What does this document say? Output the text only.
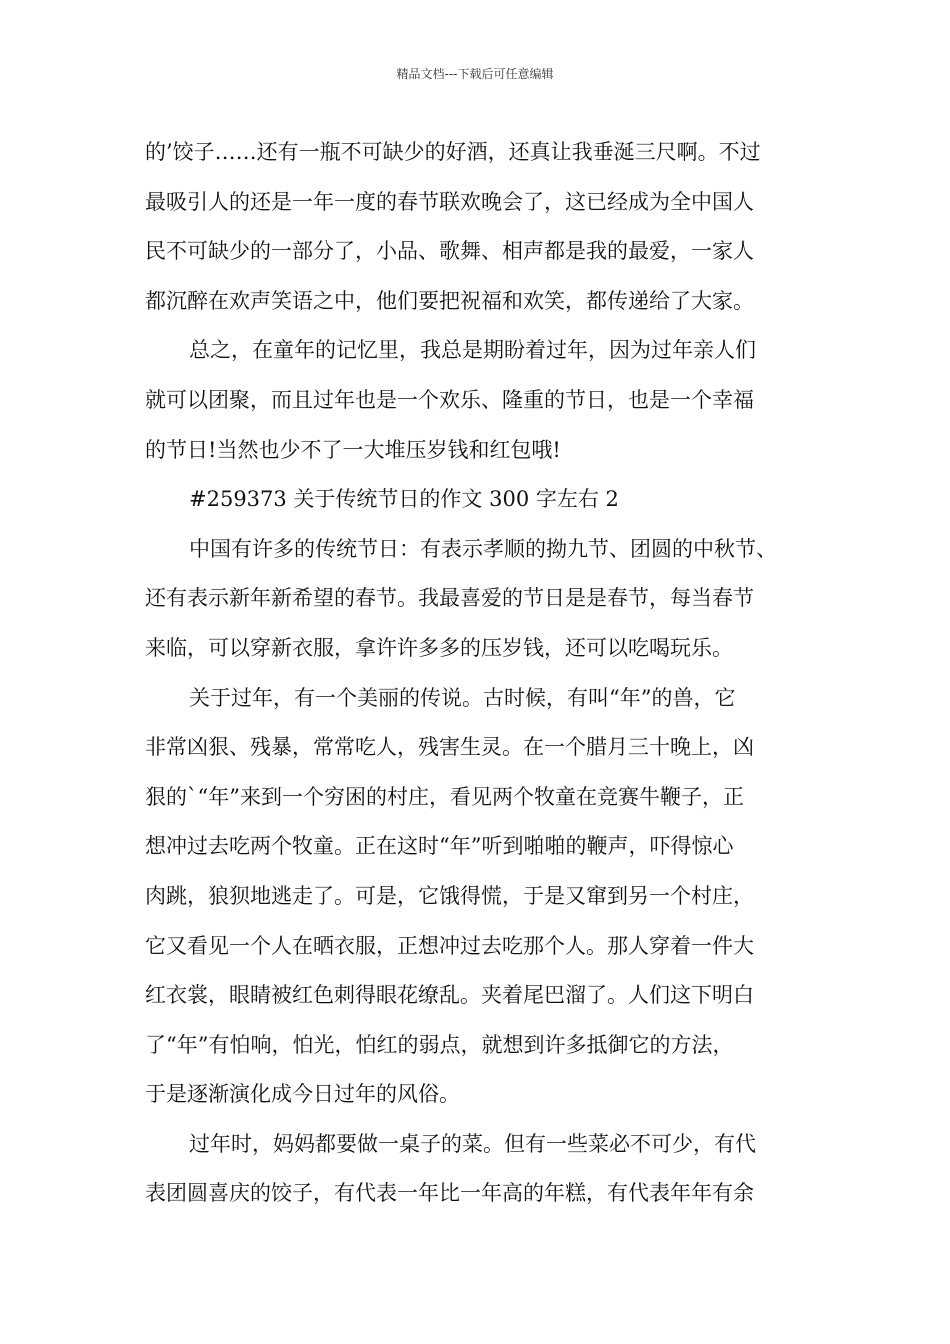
精品文档---下载后可任意编辑
的’饺子……还有一瓶不可缺少的好酒，还真让我垂涎三尺啊。不过
最吸引人的还是一年一度的春节联欢晚会了，这已经成为全中国人
民不可缺少的一部分了，小品、歌舞、相声都是我的最爱，一家人
都沉醉在欢声笑语之中，他们要把祝福和欢笑，都传递给了大家。
总之，在童年的记忆里，我总是期盼着过年，因为过年亲人们
就可以团聚，而且过年也是一个欢乐、隆重的节日，也是一个幸福
的节日!当然也少不了一大堆压岁钱和红包哦!
#259373 关于传统节日的作文 300 字左右 2
中国有许多的传统节日：有表示孝顺的拗九节、团圆的中秋节、
还有表示新年新希望的春节。我最喜爱的节日是是春节，每当春节
来临，可以穿新衣服，拿许许多多的压岁钱，还可以吃喝玩乐。
关于过年，有一个美丽的传说。古时候，有叫“年”的兽，它
非常凶狠、残暴，常常吃人，残害生灵。在一个腊月三十晚上，凶
狠的`“年”来到一个穷困的村庄，看见两个牧童在竞赛牛鞭子，正
想冲过去吃两个牧童。正在这时“年”听到啪啪的鞭声，吓得惊心
肉跳，狼狈地逃走了。可是，它饿得慌，于是又窜到另一个村庄，
它又看见一个人在晒衣服，正想冲过去吃那个人。那人穿着一件大
红衣裳，眼睛被红色刺得眼花缭乱。夹着尾巴溜了。人们这下明白
了“年”有怕响，怕光，怕红的弱点，就想到许多抵御它的方法，
于是逐渐演化成今日过年的风俗。
过年时，妈妈都要做一桌子的菜。但有一些菜必不可少，有代
表团圆喜庆的饺子，有代表一年比一年高的年糕，有代表年年有余
